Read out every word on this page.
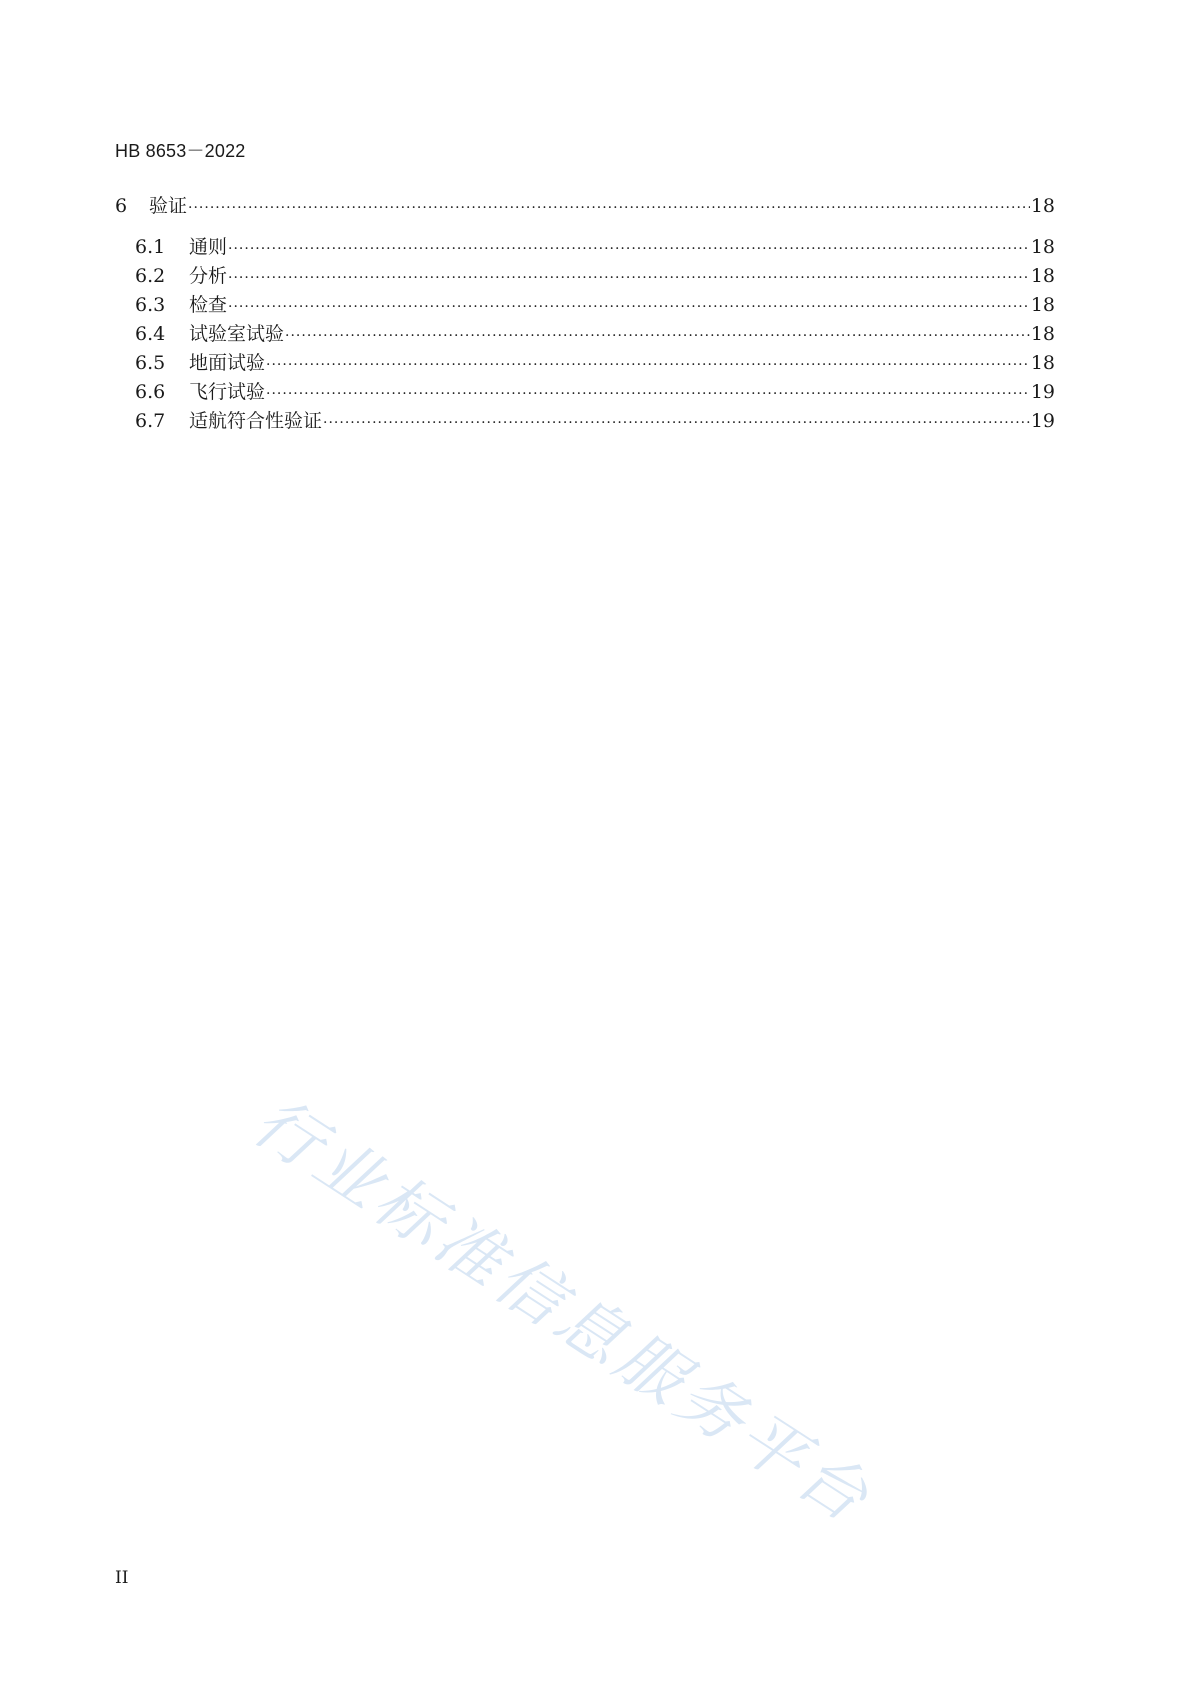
HB 8653－2022
6	验证 ·····	18
6.1	通则 ·····	18
6.2	分析 ·····	18
6.3	检查 ·····	18
6.4	试验室试验 ·····	18
6.5	地面试验 ·····	18
6.6	飞行试验 ·····	19
6.7	适航符合性验证 ·····	19
行业标准信息服务平台
II
